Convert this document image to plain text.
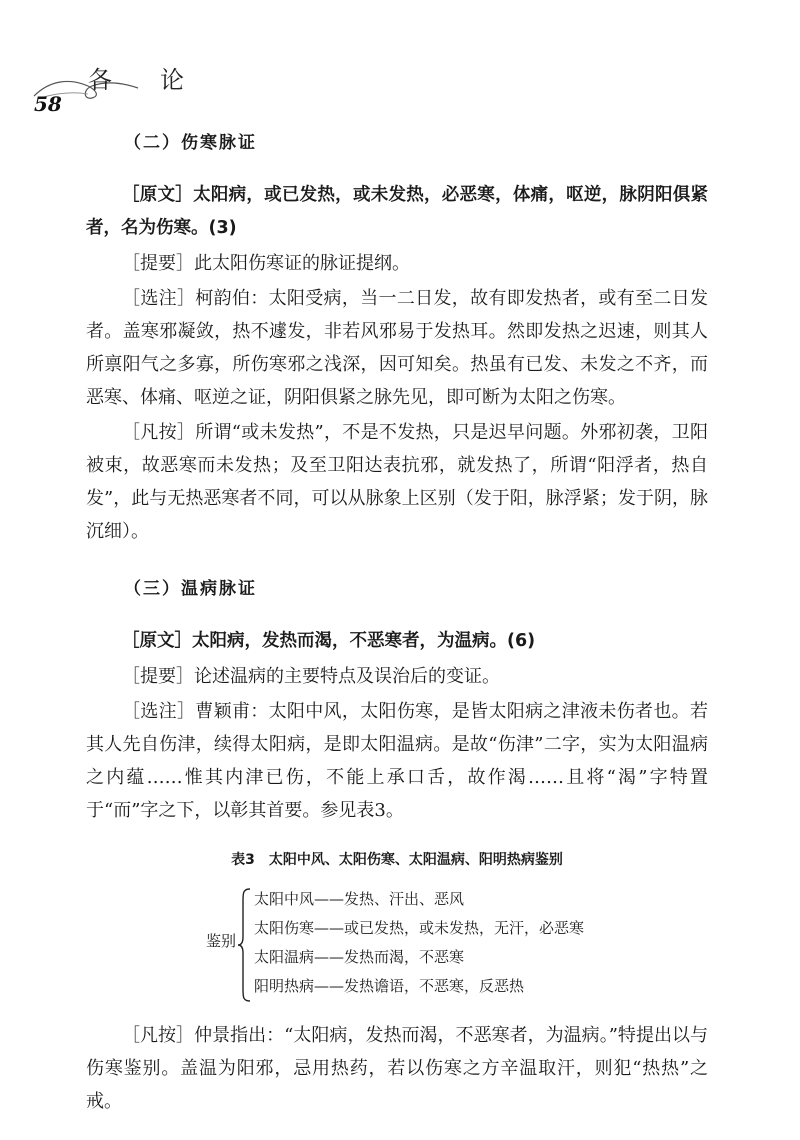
各　论
58
（二）伤寒脉证

［原文］太阳病，或已发热，或未发热，必恶寒，体痛，呕逆，脉阴阳俱紧者，名为伤寒。(3)

［提要］此太阳伤寒证的脉证提纲。

［选注］柯韵伯：太阳受病，当一二日发，故有即发热者，或有至二日发者。盖寒邪凝敛，热不遽发，非若风邪易于发热耳。然即发热之迟速，则其人所禀阳气之多寡，所伤寒邪之浅深，因可知矣。热虽有已发、未发之不齐，而恶寒、体痛、呕逆之证，阴阳俱紧之脉先见，即可断为太阳之伤寒。

［凡按］所谓“或未发热”，不是不发热，只是迟早问题。外邪初袭，卫阳被束，故恶寒而未发热；及至卫阳达表抗邪，就发热了，所谓“阳浮者，热自发”，此与无热恶寒者不同，可以从脉象上区别（发于阳，脉浮紧；发于阴，脉沉细）。

（三）温病脉证

［原文］太阳病，发热而渴，不恶寒者，为温病。(6)

［提要］论述温病的主要特点及误治后的变证。

［选注］曹颖甫：太阳中风，太阳伤寒，是皆太阳病之津液未伤者也。若其人先自伤津，续得太阳病，是即太阳温病。是故“伤津”二字，实为太阳温病之内蕴……惟其内津已伤，不能上承口舌，故作渴……且将“渴”字特置于“而”字之下，以彰其首要。参见表3。

表3　太阳中风、太阳伤寒、太阳温病、阳明热病鉴别
鉴别
太阳中风——发热、汗出、恶风
太阳伤寒——或已发热，或未发热，无汗，必恶寒
太阳温病——发热而渴，不恶寒
阳明热病——发热谵语，不恶寒，反恶热

［凡按］仲景指出：“太阳病，发热而渴，不恶寒者，为温病。”特提出以与伤寒鉴别。盖温为阳邪，忌用热药，若以伤寒之方辛温取汗，则犯“热热”之戒。
